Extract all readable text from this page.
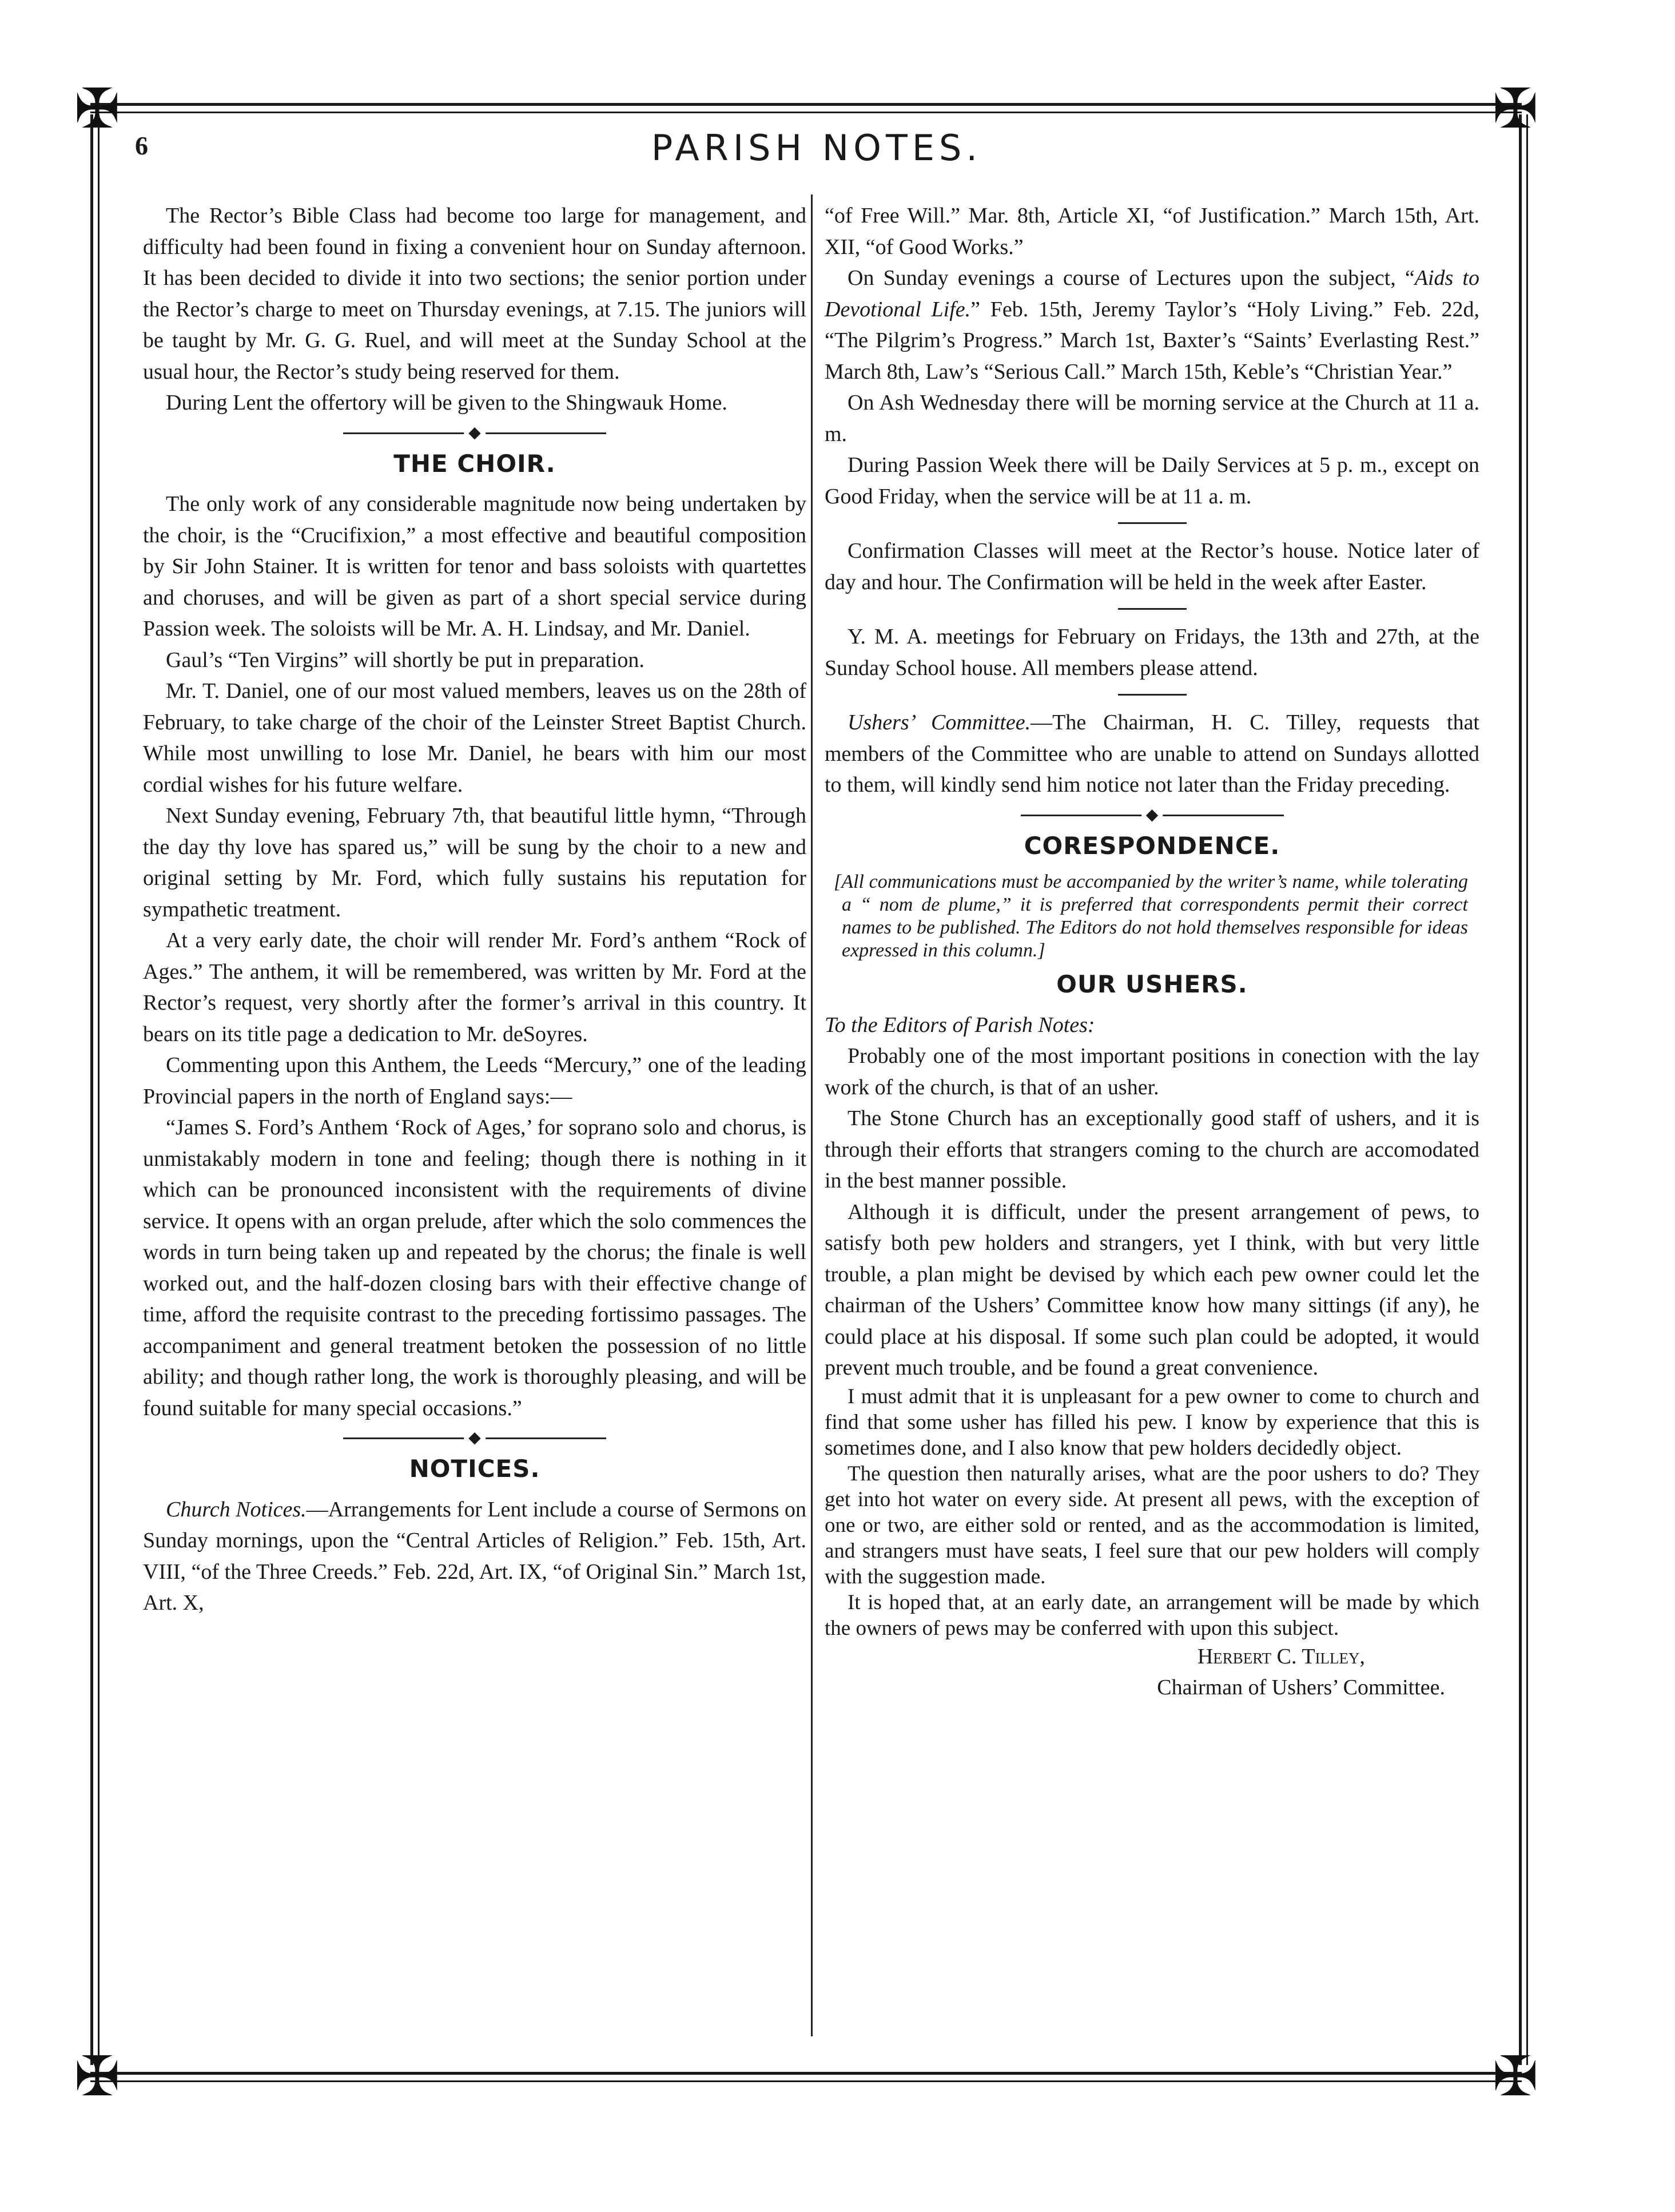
✠	✠
✠	✠
6	PARISH NOTES.

The Rector’s Bible Class had become too large for management, and difficulty had been found in fixing a convenient hour on Sunday afternoon. It has been decided to divide it into two sections; the senior portion under the Rector’s charge to meet on Thursday evenings, at 7.15. The juniors will be taught by Mr. G. G. Ruel, and will meet at the Sunday School at the usual hour, the Rector’s study being reserved for them.

During Lent the offertory will be given to the Shingwauk Home.

◆
THE CHOIR.

The only work of any considerable magnitude now being undertaken by the choir, is the “Crucifixion,” a most effective and beautiful composition by Sir John Stainer. It is written for tenor and bass soloists with quartettes and choruses, and will be given as part of a short special service during Passion week. The soloists will be Mr. A. H. Lindsay, and Mr. Daniel.

Gaul’s “Ten Virgins” will shortly be put in preparation.

Mr. T. Daniel, one of our most valued members, leaves us on the 28th of February, to take charge of the choir of the Leinster Street Baptist Church. While most unwilling to lose Mr. Daniel, he bears with him our most cordial wishes for his future welfare.

Next Sunday evening, February 7th, that beautiful little hymn, “Through the day thy love has spared us,” will be sung by the choir to a new and original setting by Mr. Ford, which fully sustains his reputation for sympathetic treatment.

At a very early date, the choir will render Mr. Ford’s anthem “Rock of Ages.” The anthem, it will be remembered, was written by Mr. Ford at the Rector’s request, very shortly after the former’s arrival in this country. It bears on its title page a dedication to Mr. deSoyres.

Commenting upon this Anthem, the Leeds “Mercury,” one of the leading Provincial papers in the north of England says:—

“James S. Ford’s Anthem ‘Rock of Ages,’ for soprano solo and chorus, is unmistakably modern in tone and feeling; though there is nothing in it which can be pronounced inconsistent with the requirements of divine service. It opens with an organ prelude, after which the solo commences the words in turn being taken up and repeated by the chorus; the finale is well worked out, and the half-dozen closing bars with their effective change of time, afford the requisite contrast to the preceding fortissimo passages. The accompaniment and general treatment betoken the possession of no little ability; and though rather long, the work is thoroughly pleasing, and will be found suitable for many special occasions.”

◆
NOTICES.

Church Notices.—Arrangements for Lent include a course of Sermons on Sunday mornings, upon the “Central Articles of Religion.” Feb. 15th, Art. VIII, “of the Three Creeds.” Feb. 22d, Art. IX, “of Original Sin.” March 1st, Art. X,

“of Free Will.” Mar. 8th, Article XI, “of Justification.” March 15th, Art. XII, “of Good Works.”

On Sunday evenings a course of Lectures upon the subject, “Aids to Devotional Life.” Feb. 15th, Jeremy Taylor’s “Holy Living.” Feb. 22d, “The Pilgrim’s Progress.” March 1st, Baxter’s “Saints’ Everlasting Rest.” March 8th, Law’s “Serious Call.” March 15th, Keble’s “Christian Year.”

On Ash Wednesday there will be morning service at the Church at 11 a. m.

During Passion Week there will be Daily Services at 5 p. m., except on Good Friday, when the service will be at 11 a. m.

Confirmation Classes will meet at the Rector’s house. Notice later of day and hour. The Confirmation will be held in the week after Easter.

Y. M. A. meetings for February on Fridays, the 13th and 27th, at the Sunday School house. All members please attend.

Ushers’ Committee.—The Chairman, H. C. Tilley, requests that members of the Committee who are unable to attend on Sundays allotted to them, will kindly send him notice not later than the Friday preceding.

◆
CORESPONDENCE.

[All communications must be accompanied by the writer’s name, while tolerating a “ nom de plume,” it is preferred that correspondents permit their correct names to be published. The Editors do not hold themselves responsible for ideas expressed in this column.]

OUR USHERS.

To the Editors of Parish Notes:

Probably one of the most important positions in conection with the lay work of the church, is that of an usher.

The Stone Church has an exceptionally good staff of ushers, and it is through their efforts that strangers coming to the church are accomodated in the best manner possible.

Although it is difficult, under the present arrangement of pews, to satisfy both pew holders and strangers, yet I think, with but very little trouble, a plan might be devised by which each pew owner could let the chairman of the Ushers’ Committee know how many sittings (if any), he could place at his disposal. If some such plan could be adopted, it would prevent much trouble, and be found a great convenience.

I must admit that it is unpleasant for a pew owner to come to church and find that some usher has filled his pew. I know by experience that this is sometimes done, and I also know that pew holders decidedly object.

The question then naturally arises, what are the poor ushers to do? They get into hot water on every side. At present all pews, with the exception of one or two, are either sold or rented, and as the accommodation is limited, and strangers must have seats, I feel sure that our pew holders will comply with the suggestion made.

It is hoped that, at an early date, an arrangement will be made by which the owners of pews may be conferred with upon this subject.

Herbert C. Tilley,

Chairman of Ushers’ Committee.
